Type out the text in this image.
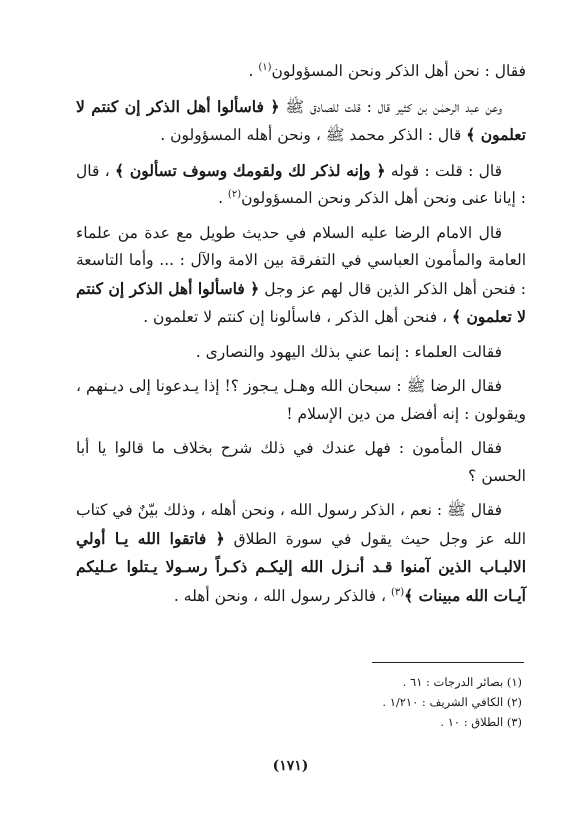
فقال : نحن أهل الذكر ونحن المسؤولون$^{(١)}$ .

وعن عبد الرحمٰن بن كثير قال : قلت للصادق ﷺ ﴿ فاسألوا أهل الذكر إن كنتم لا تعلمون ﴾ قال : الذكر محمد ﷺ ، ونحن أهله المسؤولون .

قال : قلت : قوله ﴿ وإنه لذكر لك ولقومك وسوف تسألون ﴾ ، قال : إيانا عنى ونحن أهل الذكر ونحن المسؤولون$^{(٢)}$ .

قال الامام الرضا عليه السلام في حديث طويل مع عدة من علماء العامة والمأمون العباسي في التفرقة بين الامة والآل : ... وأما التاسعة : فنحن أهل الذكر الذين قال لهم عز وجل ﴿ فاسألوا أهل الذكر إن كنتم لا تعلمون ﴾ ، فنحن أهل الذكر ، فاسألونا إن كنتم لا تعلمون .

فقالت العلماء : إنما عني بذلك اليهود والنصارى .

فقال الرضا ﷺ : سبحان الله وهـل يـجوز ؟! إذا يـدعونا إلى ديـنهم ، ويقولون : إنه أفضل من دين الإسلام !

فقال المأمون : فهل عندك في ذلك شرح بخلاف ما قالوا يا أبا الحسن ؟

فقال ﷺ : نعم ، الذكر رسول الله ، ونحن أهله ، وذلك بيّنٌ في كتاب الله عز وجل حيث يقول في سورة الطلاق ﴿ فاتقوا الله يـا أولي الالبـاب الذين آمنوا قـد أنـزل الله إليكـم ذكـراً رسـولا يـتلوا عـليكم آيـات الله مبينات ﴾$^{(٣)}$ ، فالذكر رسول الله ، ونحن أهله .

(١) بصائر الدرجات : ٦١ .
(٢) الكافي الشريف : ١/٢١٠ .
(٣) الطلاق : ١٠ .
(١٧١)
